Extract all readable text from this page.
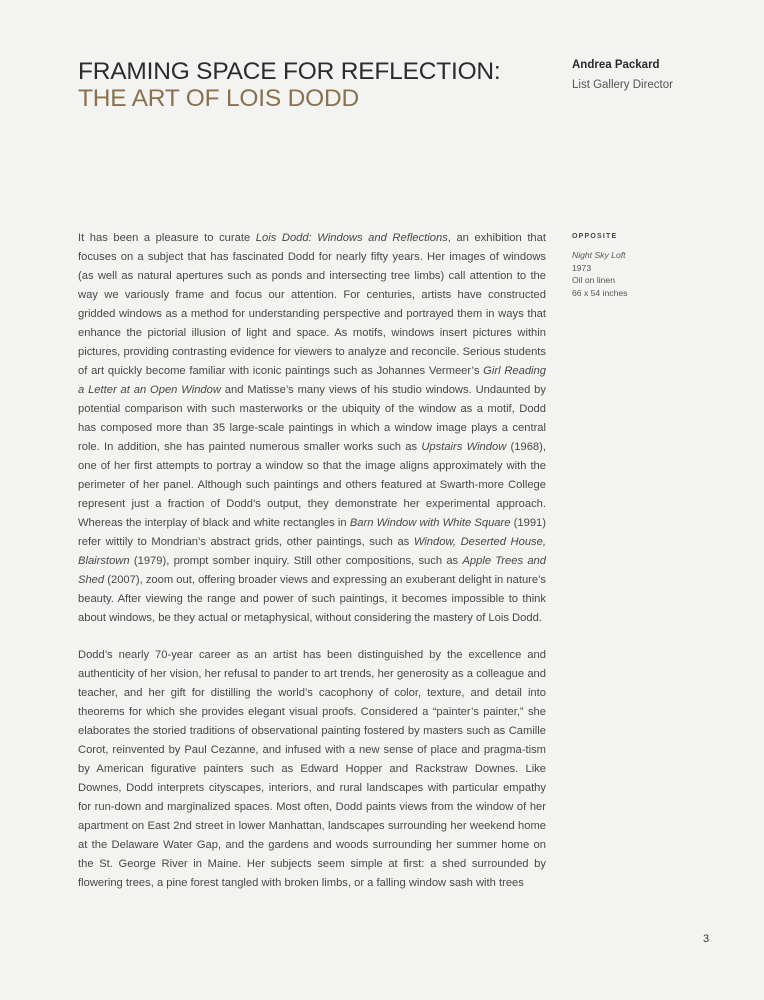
FRAMING SPACE FOR REFLECTION:
THE ART OF LOIS DODD
Andrea Packard
List Gallery Director
OPPOSITE
Night Sky Loft
1973
Oil on linen
66 x 54 inches

It has been a pleasure to curate Lois Dodd: Windows and Reflections, an exhibition that focuses on a subject that has fascinated Dodd for nearly fifty years. Her images of windows (as well as natural apertures such as ponds and intersecting tree limbs) call attention to the way we variously frame and focus our attention. For centuries, artists have constructed gridded windows as a method for understanding perspective and portrayed them in ways that enhance the pictorial illusion of light and space. As motifs, windows insert pictures within pictures, providing contrasting evidence for viewers to analyze and reconcile. Serious students of art quickly become familiar with iconic paintings such as Johannes Vermeer’s Girl Reading a Letter at an Open Window and Matisse’s many views of his studio windows. Undaunted by potential comparison with such masterworks or the ubiquity of the window as a motif, Dodd has composed more than 35 large-scale paintings in which a window image plays a central role. In addition, she has painted numerous smaller works such as Upstairs Window (1968), one of her first attempts to portray a window so that the image aligns approximately with the perimeter of her panel. Although such paintings and others featured at Swarth-more College represent just a fraction of Dodd’s output, they demonstrate her experimental approach. Whereas the interplay of black and white rectangles in Barn Window with White Square (1991) refer wittily to Mondrian’s abstract grids, other paintings, such as Window, Deserted House, Blairstown (1979), prompt somber inquiry. Still other compositions, such as Apple Trees and Shed (2007), zoom out, offering broader views and expressing an exuberant delight in nature’s beauty. After viewing the range and power of such paintings, it becomes impossible to think about windows, be they actual or metaphysical, without considering the mastery of Lois Dodd.

Dodd’s nearly 70-year career as an artist has been distinguished by the excellence and authenticity of her vision, her refusal to pander to art trends, her generosity as a colleague and teacher, and her gift for distilling the world’s cacophony of color, texture, and detail into theorems for which she provides elegant visual proofs. Considered a “painter’s painter,” she elaborates the storied traditions of observational painting fostered by masters such as Camille Corot, reinvented by Paul Cezanne, and infused with a new sense of place and pragma-tism by American figurative painters such as Edward Hopper and Rackstraw Downes. Like Downes, Dodd interprets cityscapes, interiors, and rural landscapes with particular empathy for run-down and marginalized spaces. Most often, Dodd paints views from the window of her apartment on East 2nd street in lower Manhattan, landscapes surrounding her weekend home at the Delaware Water Gap, and the gardens and woods surrounding her summer home on the St. George River in Maine. Her subjects seem simple at first: a shed surrounded by flowering trees, a pine forest tangled with broken limbs, or a falling window sash with trees

3
